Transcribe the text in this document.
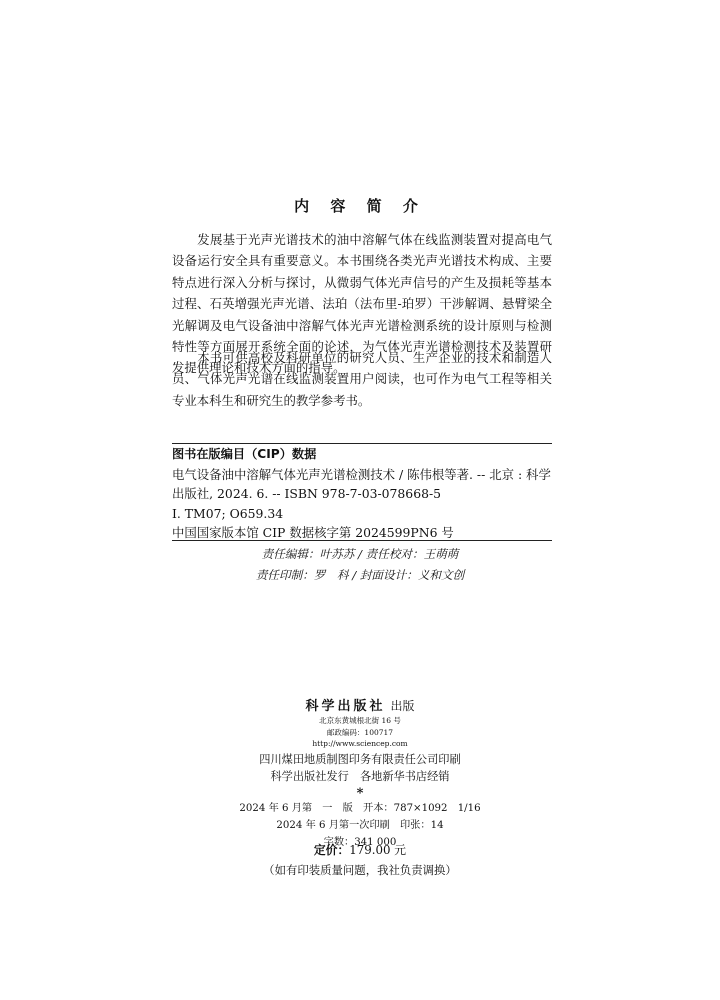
内 容 简 介

发展基于光声光谱技术的油中溶解气体在线监测装置对提高电气设备运行安全具有重要意义。本书围绕各类光声光谱技术构成、主要特点进行深入分析与探讨，从微弱气体光声信号的产生及损耗等基本过程、石英增强光声光谱、法珀（法布里-珀罗）干涉解调、悬臂梁全光解调及电气设备油中溶解气体光声光谱检测系统的设计原则与检测特性等方面展开系统全面的论述，为气体光声光谱检测技术及装置研发提供理论和技术方面的指导。

本书可供高校及科研单位的研究人员、生产企业的技术和制造人员、气体光声光谱在线监测装置用户阅读，也可作为电气工程等相关专业本科生和研究生的教学参考书。

图书在版编目（CIP）数据
电气设备油中溶解气体光声光谱检测技术 / 陈伟根等著. -- 北京 : 科学
出版社, 2024. 6. -- ISBN 978-7-03-078668-5
Ⅰ. TM07; O659.34
中国国家版本馆 CIP 数据核字第 2024599PN6 号
责任编辑：叶苏苏 / 责任校对：王萌萌
责任印制：罗　科 / 封面设计：义和文创
科学出版社 出版
北京东黄城根北街 16 号
邮政编码：100717
http://www.sciencep.com
四川煤田地质制图印务有限责任公司印刷
科学出版社发行　各地新华书店经销
*
2024 年 6 月第　一　版　开本：787×1092　1/16
2024 年 6 月第一次印刷　印张：14
字数：341 000
定价：179.00 元
（如有印装质量问题，我社负责调换）
